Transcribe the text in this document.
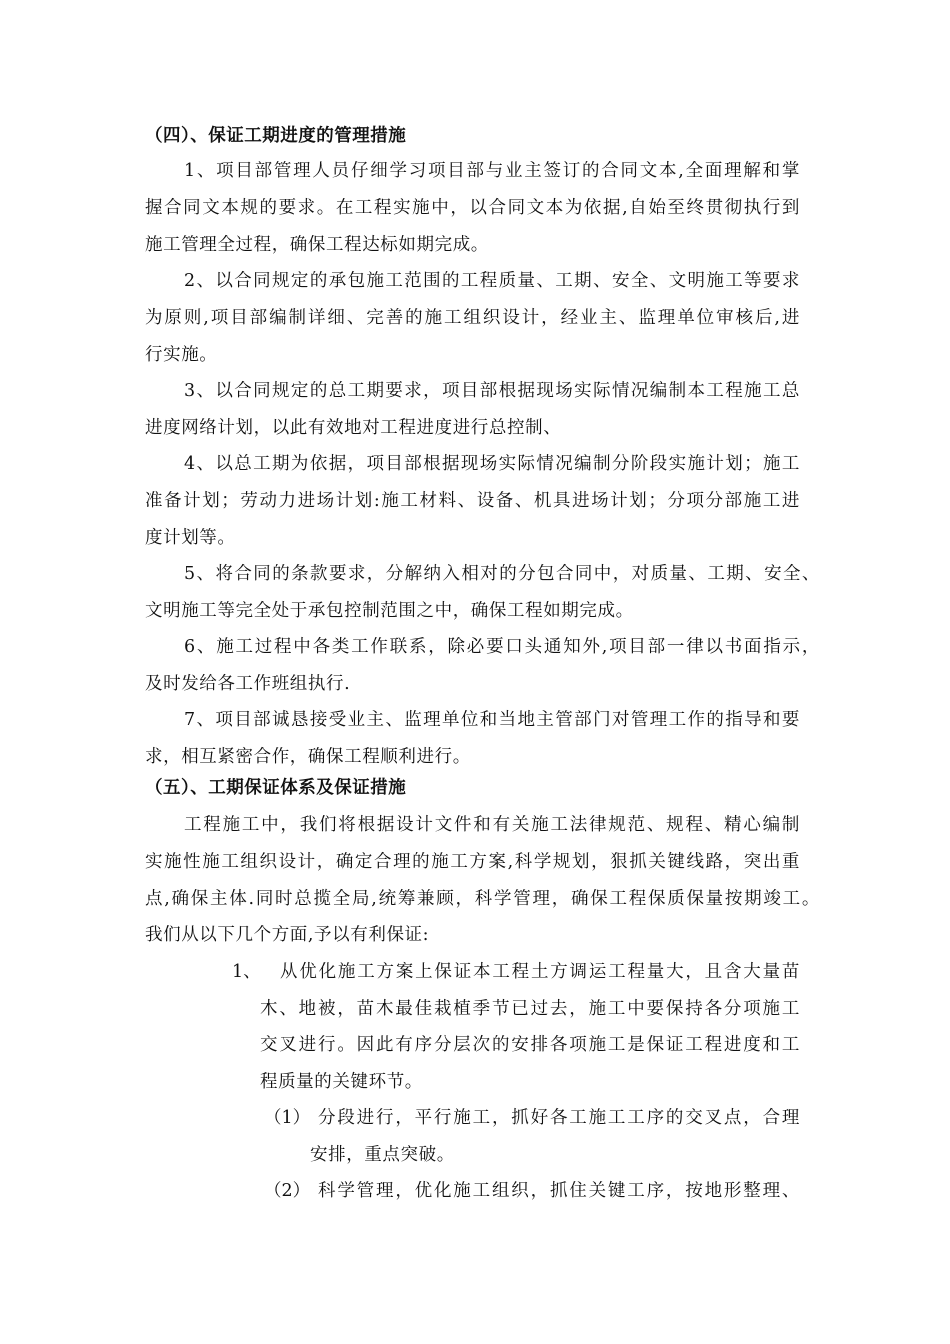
（四）、保证工期进度的管理措施
1、项目部管理人员仔细学习项目部与业主签订的合同文本,全面理解和掌
握合同文本规的要求。在工程实施中，以合同文本为依据,自始至终贯彻执行到
施工管理全过程，确保工程达标如期完成。
2、以合同规定的承包施工范围的工程质量、工期、安全、文明施工等要求
为原则,项目部编制详细、完善的施工组织设计，经业主、监理单位审核后,进
行实施。
3、以合同规定的总工期要求，项目部根据现场实际情况编制本工程施工总
进度网络计划，以此有效地对工程进度进行总控制、
4、以总工期为依据，项目部根据现场实际情况编制分阶段实施计划；施工
准备计划；劳动力进场计划:施工材料、设备、机具进场计划；分项分部施工进
度计划等。
5、将合同的条款要求，分解纳入相对的分包合同中，对质量、工期、安全、
文明施工等完全处于承包控制范围之中，确保工程如期完成。
6、施工过程中各类工作联系，除必要口头通知外,项目部一律以书面指示，
及时发给各工作班组执行.
7、项目部诚恳接受业主、监理单位和当地主管部门对管理工作的指导和要
求，相互紧密合作，确保工程顺利进行。
（五）、工期保证体系及保证措施
工程施工中，我们将根据设计文件和有关施工法律规范、规程、精心编制
实施性施工组织设计，确定合理的施工方案,科学规划，狠抓关键线路，突出重
点,确保主体.同时总揽全局,统筹兼顾，科学管理，确保工程保质保量按期竣工。
我们从以下几个方面,予以有利保证:
1、 从优化施工方案上保证本工程土方调运工程量大，且含大量苗
木、地被，苗木最佳栽植季节已过去，施工中要保持各分项施工
交叉进行。因此有序分层次的安排各项施工是保证工程进度和工
程质量的关键环节。
（1） 分段进行，平行施工，抓好各工施工工序的交叉点，合理
安排，重点突破。
（2） 科学管理，优化施工组织，抓住关键工序，按地形整理、
